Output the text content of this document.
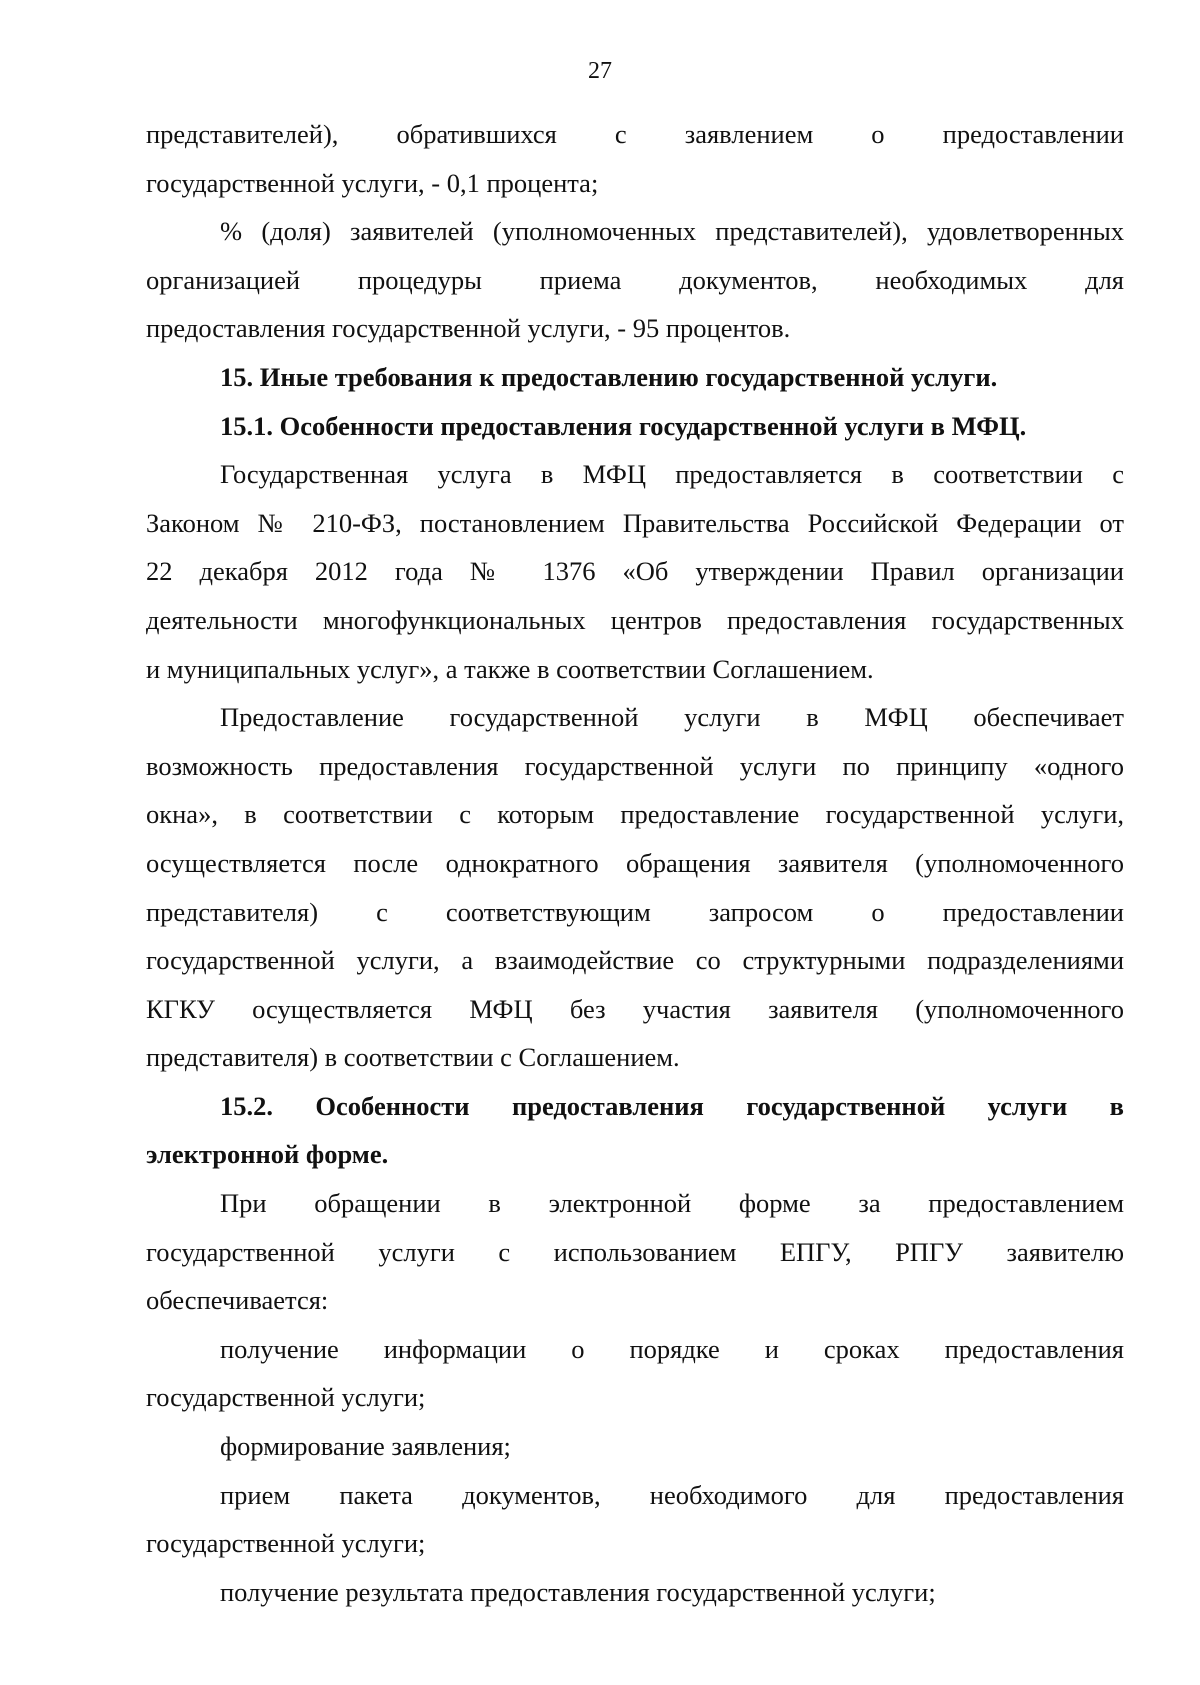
27
представителей), обратившихся с заявлением о предоставлении
государственной услуги, - 0,1 процента;
% (доля) заявителей (уполномоченных представителей), удовлетворенных
организацией процедуры приема документов, необходимых для
предоставления государственной услуги, - 95 процентов.
15. Иные требования к предоставлению государственной услуги.
15.1. Особенности предоставления государственной услуги в МФЦ.
Государственная услуга в МФЦ предоставляется в соответствии с
Законом № 210-ФЗ, постановлением Правительства Российской Федерации от
22 декабря 2012 года № 1376 «Об утверждении Правил организации
деятельности многофункциональных центров предоставления государственных
и муниципальных услуг», а также в соответствии Соглашением.
Предоставление государственной услуги в МФЦ обеспечивает
возможность предоставления государственной услуги по принципу «одного
окна», в соответствии с которым предоставление государственной услуги,
осуществляется после однократного обращения заявителя (уполномоченного
представителя) с соответствующим запросом о предоставлении
государственной услуги, а взаимодействие со структурными подразделениями
КГКУ осуществляется МФЦ без участия заявителя (уполномоченного
представителя) в соответствии с Соглашением.
15.2. Особенности предоставления государственной услуги в
электронной форме.
При обращении в электронной форме за предоставлением
государственной услуги с использованием ЕПГУ, РПГУ заявителю
обеспечивается:
получение информации о порядке и сроках предоставления
государственной услуги;
формирование заявления;
прием пакета документов, необходимого для предоставления
государственной услуги;
получение результата предоставления государственной услуги;
